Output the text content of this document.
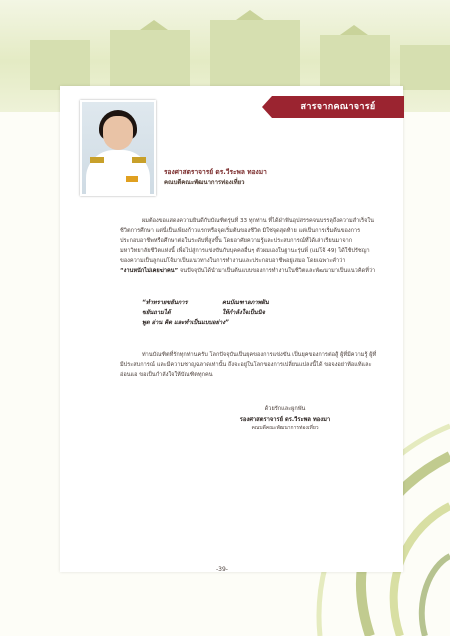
สารจากคณาจารย์
รองศาสตราจารย์ ดร.วีระพล ทองมา
คณบดีคณะพัฒนาการท่องเที่ยว
ผมต้องขอแสดงความยินดีกับบัณฑิตรุ่นที่ 33 ทุกท่าน ที่ได้ฝ่าฟันอุปสรรคจนบรรลุถึงความสำเร็จในชีวิตการศึกษา แต่นี่เป็นเพียงก้าวแรกหรือจุดเริ่มต้นของชีวิต มิใช่จุดสุดท้าย แต่เป็นการเริ่มต้นของการประกอบอาชีพหรือศึกษาต่อในระดับที่สูงขึ้น โดยอาศัยความรู้และประสบการณ์ที่ได้เล่าเรียนมาจากมหาวิทยาลัยชีวิตแห่งนี้ เพื่อไปสู่การแข่งขันกับบุคคลอื่นๆ ตัวผมเองในฐานะรุ่นพี่ (แม่โจ้ 49) ได้ใช้ปรัชญาของความเป็นลูกแม่โจ้มาเป็นแนวทางในการทำงานและประกอบอาชีพอยู่เสมอ โดยเฉพาะคำว่า
“งานหนักไม่เคยฆ่าคน” จนปัจจุบันได้นำมาเป็นต้นแบบของการทำงานในชีวิตและพัฒนามาเป็นแนวคิดที่ว่า
“ทำทรายขยันการ	คนบัณฑาลภาพฝัน
ขยันถามได้	ให้กำลังใจเป็นนิจ
พูด อ่าน คิด และทำเป็นแบบอย่าง”
ท่านบัณฑิตที่รักทุกท่านครับ โลกปัจจุบันเป็นยุคของการแข่งขัน เป็นยุคของการต่อสู้ ผู้ที่มีความรู้ ผู้ที่มีประสบการณ์ และมีความชาญฉลาดเท่านั้น ถึงจะอยู่ในโลกของการเปลี่ยนแปลงนี้ได้ ขอจงอย่าท้อแท้และอ่อนแอ ขอเป็นกำลังใจให้บัณฑิตทุกคน
ด้วยรักและผูกพัน
รองศาสตราจารย์ ดร.วีระพล ทองมา
คณบดีคณะพัฒนาการท่องเที่ยว
-39-
